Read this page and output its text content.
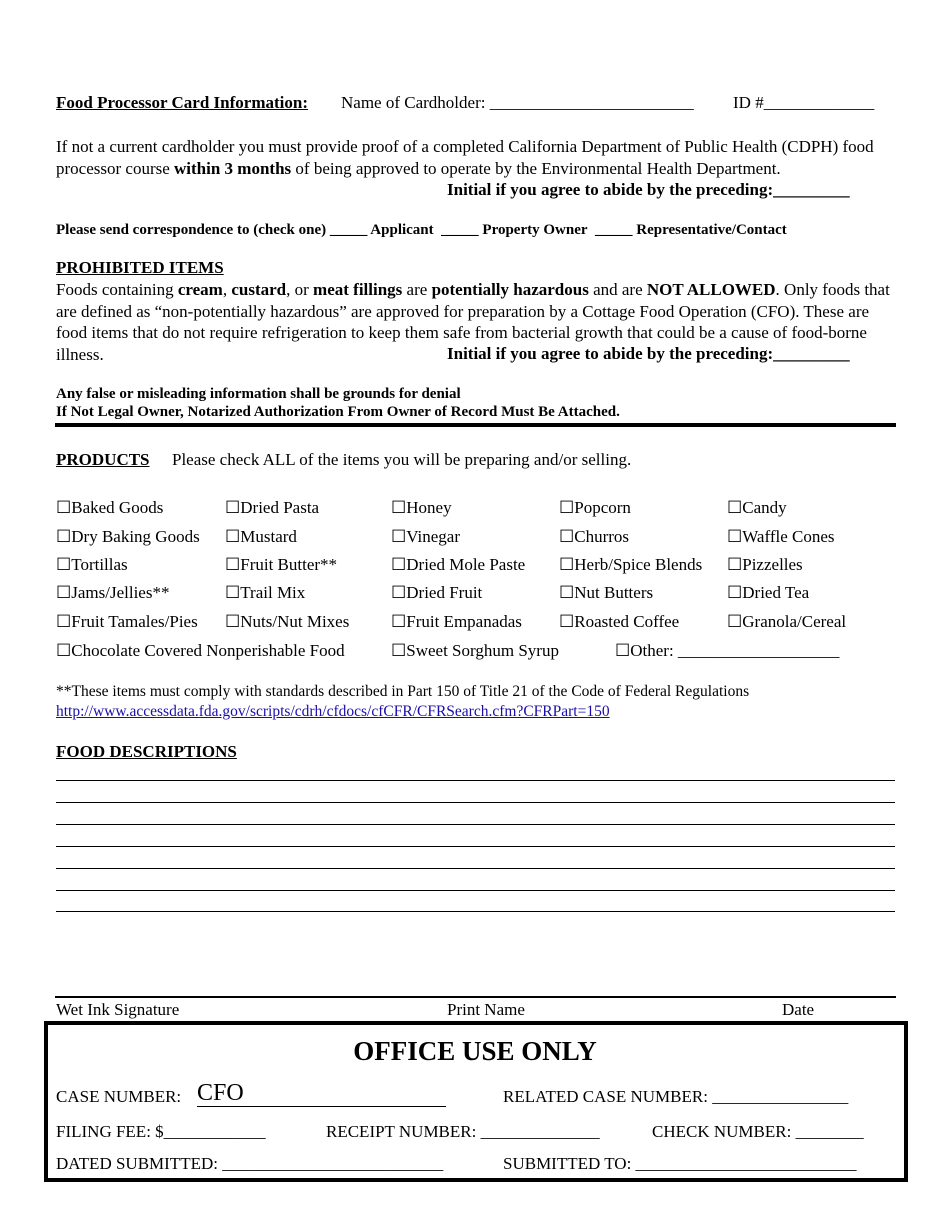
Food Processor Card Information: Name of Cardholder: ________________________ ID #_____________
If not a current cardholder you must provide proof of a completed California Department of Public Health (CDPH) food processor course within 3 months of being approved to operate by the Environmental Health Department.
Initial if you agree to abide by the preceding:_________
Please send correspondence to (check one) _____ Applicant _____ Property Owner _____ Representative/Contact
PROHIBITED ITEMS
Foods containing cream, custard, or meat fillings are potentially hazardous and are NOT ALLOWED. Only foods that are defined as “non-potentially hazardous” are approved for preparation by a Cottage Food Operation (CFO). These are food items that do not require refrigeration to keep them safe from bacterial growth that could be a cause of food-borne illness.	Initial if you agree to abide by the preceding:_________
Any false or misleading information shall be grounds for denial
If Not Legal Owner, Notarized Authorization From Owner of Record Must Be Attached.
PRODUCTS Please check ALL of the items you will be preparing and/or selling.
☐Baked Goods	☐Dried Pasta	☐Honey	☐Popcorn	☐Candy
☐Dry Baking Goods ☐Mustard	☐Vinegar	☐Churros	☐Waffle Cones
☐Tortillas	☐Fruit Butter**	☐Dried Mole Paste ☐Herb/Spice Blends ☐Pizzelles
☐Jams/Jellies**	☐Trail Mix	☐Dried Fruit	☐Nut Butters	☐Dried Tea
☐Fruit Tamales/Pies ☐Nuts/Nut Mixes ☐Fruit Empanadas ☐Roasted Coffee	☐Granola/Cereal
☐Chocolate Covered Nonperishable Food	☐Sweet Sorghum Syrup	☐Other: ___________________
**These items must comply with standards described in Part 150 of Title 21 of the Code of Federal Regulations
http://www.accessdata.fda.gov/scripts/cdrh/cfdocs/cfCFR/CFRSearch.cfm?CFRPart=150
FOOD DESCRIPTIONS
Wet Ink Signature	Print Name	Date
OFFICE USE ONLY
CASE NUMBER: CFO	RELATED CASE NUMBER: ________________
FILING FEE: $____________	RECEIPT NUMBER: ______________	CHECK NUMBER: ________
DATED SUBMITTED: __________________________	SUBMITTED TO: __________________________
